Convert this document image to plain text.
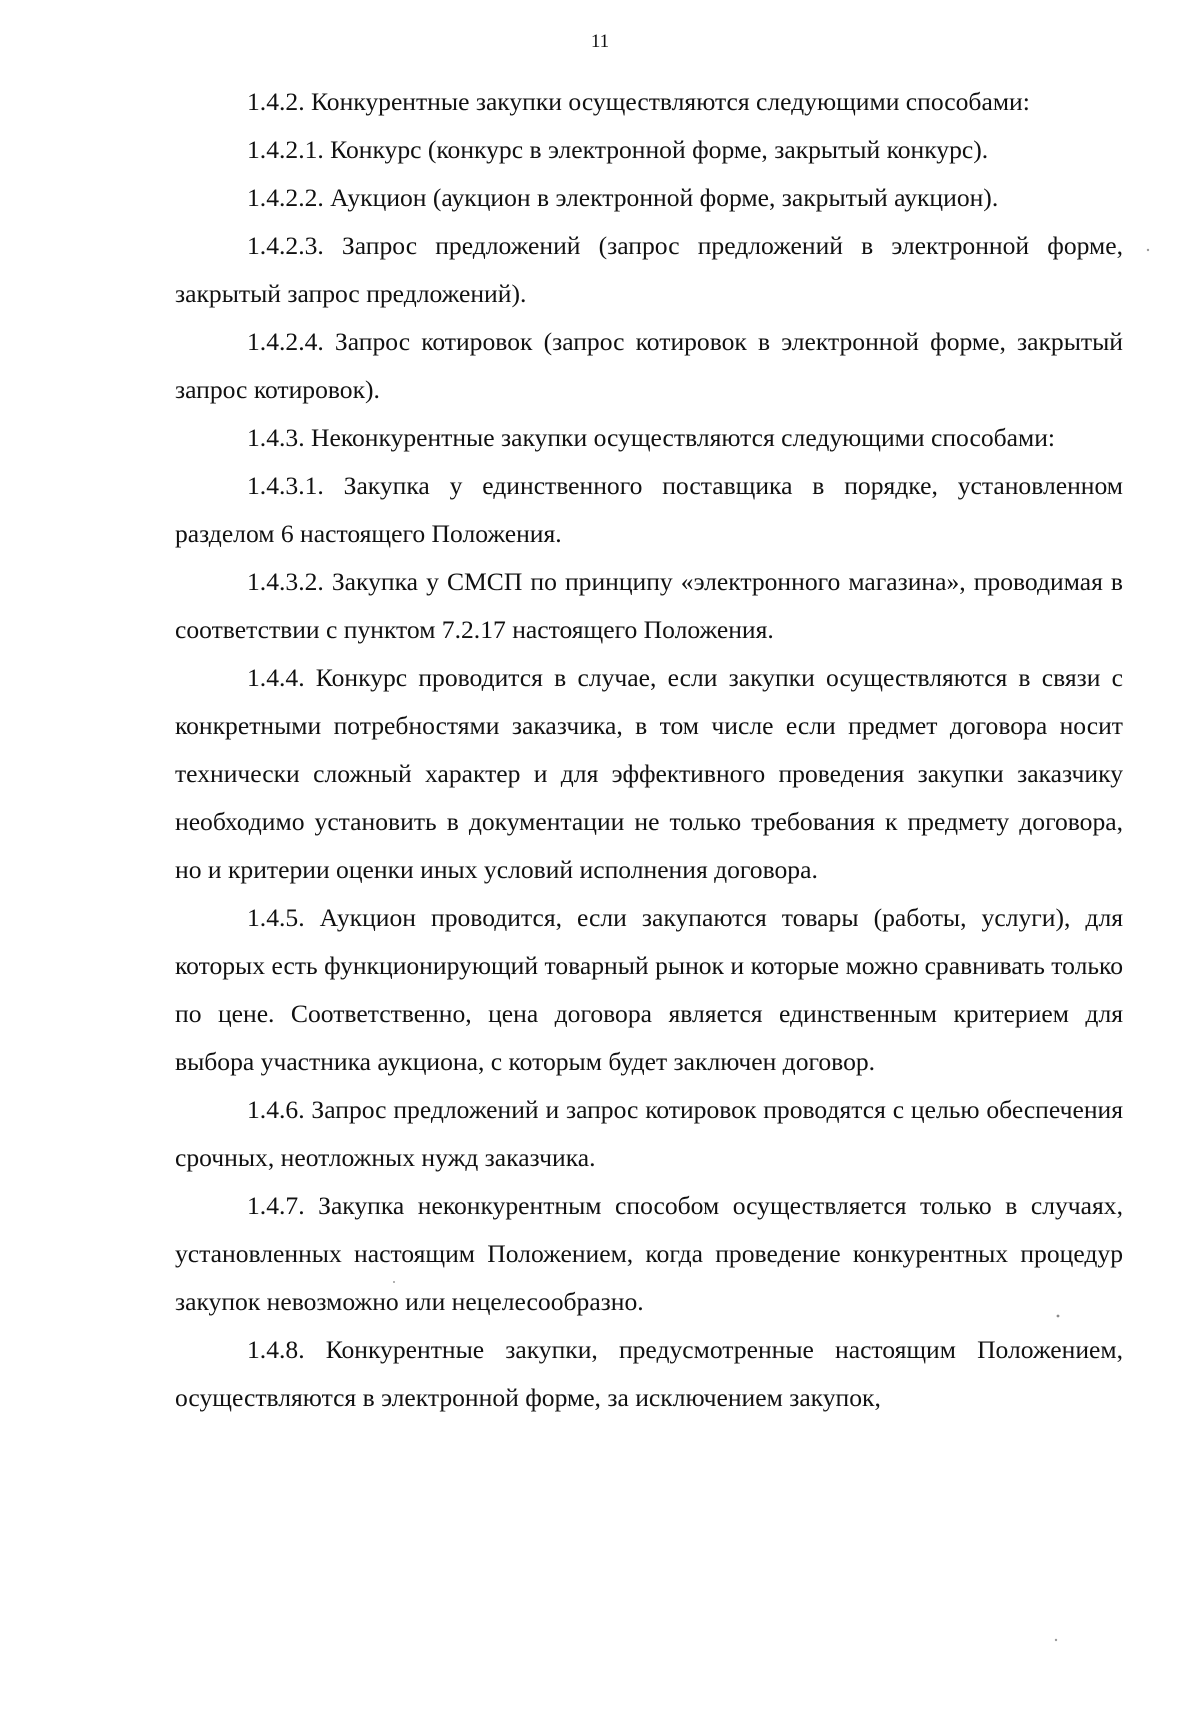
11

1.4.2. Конкурентные закупки осуществляются следующими способами:

1.4.2.1. Конкурс (конкурс в электронной форме, закрытый конкурс).

1.4.2.2. Аукцион (аукцион в электронной форме, закрытый аукцион).

1.4.2.3. Запрос предложений (запрос предложений в электронной форме, закрытый запрос предложений).

1.4.2.4. Запрос котировок (запрос котировок в электронной форме, закрытый запрос котировок).

1.4.3. Неконкурентные закупки осуществляются следующими способами:

1.4.3.1. Закупка у единственного поставщика в порядке, установленном разделом 6 настоящего Положения.

1.4.3.2. Закупка у СМСП по принципу «электронного магазина», проводимая в соответствии с пунктом 7.2.17 настоящего Положения.

1.4.4. Конкурс проводится в случае, если закупки осуществляются в связи с конкретными потребностями заказчика, в том числе если предмет договора носит технически сложный характер и для эффективного проведения закупки заказчику необходимо установить в документации не только требования к предмету договора, но и критерии оценки иных условий исполнения договора.

1.4.5. Аукцион проводится, если закупаются товары (работы, услуги), для которых есть функционирующий товарный рынок и которые можно сравнивать только по цене. Соответственно, цена договора является единственным критерием для выбора участника аукциона, с которым будет заключен договор.

1.4.6. Запрос предложений и запрос котировок проводятся с целью обеспечения срочных, неотложных нужд заказчика.

1.4.7. Закупка неконкурентным способом осуществляется только в случаях, установленных настоящим Положением, когда проведение конкурентных процедур закупок невозможно или нецелесообразно.

1.4.8. Конкурентные закупки, предусмотренные настоящим Положением, осуществляются в электронной форме, за исключением закупок,
